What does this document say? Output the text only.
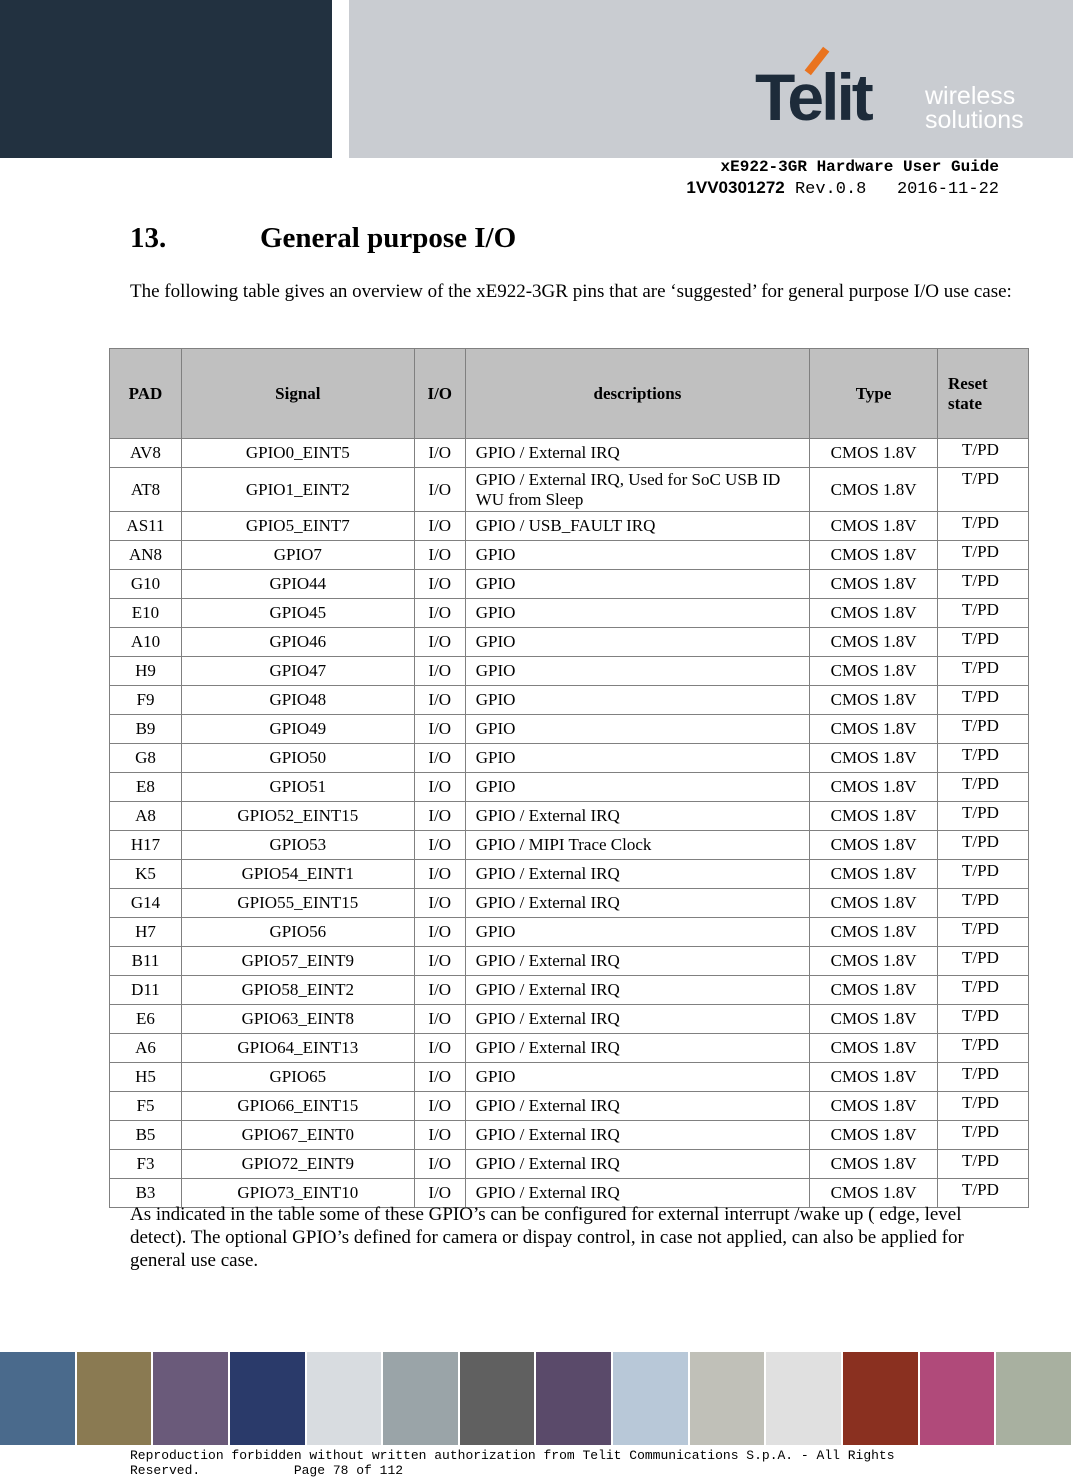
Telit wireless
solutions
xE922-3GR Hardware User Guide
1VV0301272 Rev.0.8   2016-11-22
13.	General purpose I/O
The following table gives an overview of the xE922-3GR pins that are ‘suggested’ for general purpose I/O use case:
PAD	Signal	I/O	descriptions	Type	Reset state
AV8	GPIO0_EINT5	I/O	GPIO / External IRQ	CMOS 1.8V	T/PD
AT8	GPIO1_EINT2	I/O	GPIO / External IRQ, Used for SoC USB ID WU from Sleep	CMOS 1.8V	T/PD
AS11	GPIO5_EINT7	I/O	GPIO / USB_FAULT IRQ	CMOS 1.8V	T/PD
AN8	GPIO7	I/O	GPIO	CMOS 1.8V	T/PD
G10	GPIO44	I/O	GPIO	CMOS 1.8V	T/PD
E10	GPIO45	I/O	GPIO	CMOS 1.8V	T/PD
A10	GPIO46	I/O	GPIO	CMOS 1.8V	T/PD
H9	GPIO47	I/O	GPIO	CMOS 1.8V	T/PD
F9	GPIO48	I/O	GPIO	CMOS 1.8V	T/PD
B9	GPIO49	I/O	GPIO	CMOS 1.8V	T/PD
G8	GPIO50	I/O	GPIO	CMOS 1.8V	T/PD
E8	GPIO51	I/O	GPIO	CMOS 1.8V	T/PD
A8	GPIO52_EINT15	I/O	GPIO / External IRQ	CMOS 1.8V	T/PD
H17	GPIO53	I/O	GPIO / MIPI Trace Clock	CMOS 1.8V	T/PD
K5	GPIO54_EINT1	I/O	GPIO / External IRQ	CMOS 1.8V	T/PD
G14	GPIO55_EINT15	I/O	GPIO / External IRQ	CMOS 1.8V	T/PD
H7	GPIO56	I/O	GPIO	CMOS 1.8V	T/PD
B11	GPIO57_EINT9	I/O	GPIO / External IRQ	CMOS 1.8V	T/PD
D11	GPIO58_EINT2	I/O	GPIO / External IRQ	CMOS 1.8V	T/PD
E6	GPIO63_EINT8	I/O	GPIO / External IRQ	CMOS 1.8V	T/PD
A6	GPIO64_EINT13	I/O	GPIO / External IRQ	CMOS 1.8V	T/PD
H5	GPIO65	I/O	GPIO	CMOS 1.8V	T/PD
F5	GPIO66_EINT15	I/O	GPIO / External IRQ	CMOS 1.8V	T/PD
B5	GPIO67_EINT0	I/O	GPIO / External IRQ	CMOS 1.8V	T/PD
F3	GPIO72_EINT9	I/O	GPIO / External IRQ	CMOS 1.8V	T/PD
B3	GPIO73_EINT10	I/O	GPIO / External IRQ	CMOS 1.8V	T/PD
As indicated in the table some of these GPIO’s can be configured for external interrupt /wake up ( edge, level detect). The optional GPIO’s defined for camera or dispay control, in case not applied, can also be applied for general use case.
Reproduction forbidden without written authorization from Telit Communications S.p.A. - All Rights
Reserved.            Page 78 of 112
